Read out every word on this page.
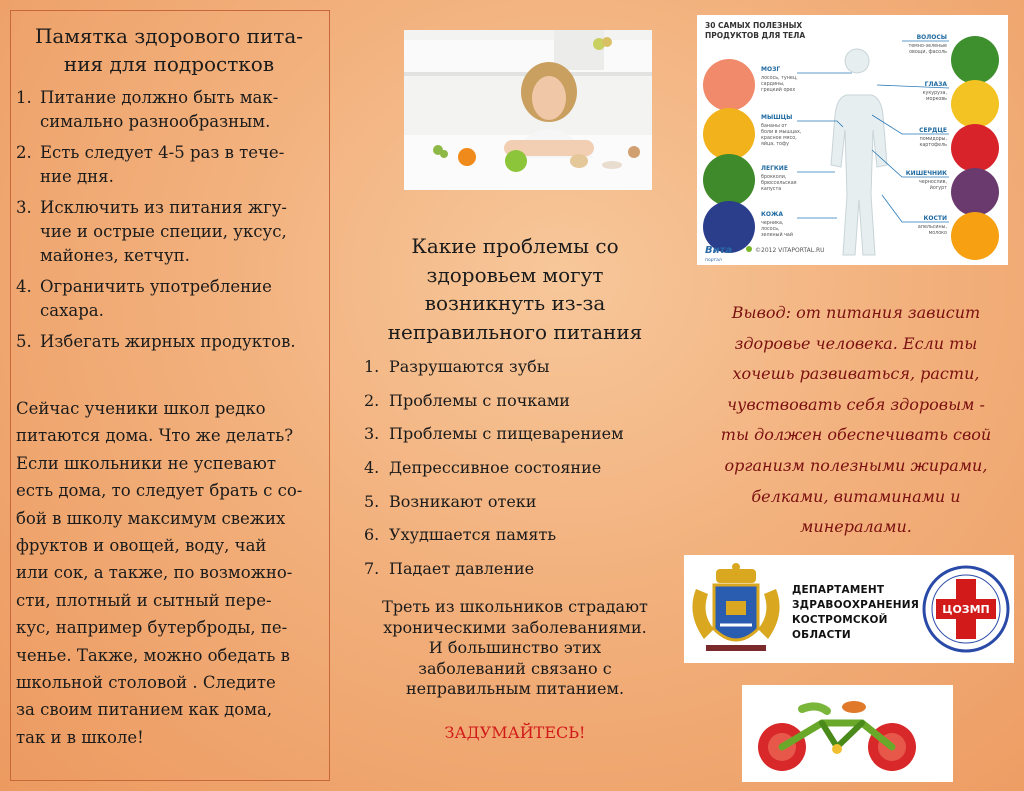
Памятка здорового пита-
ния для подростков
1. Питание должно быть мак-
симально разнообразным.
2. Есть следует 4-5 раз в тече-
ние дня.
3. Исключить из питания жгу-
чие и острые специи, уксус,
майонез, кетчуп.
4. Ограничить употребление
сахара.
5. Избегать жирных продуктов.
Сейчас ученики школ редко
питаются дома. Что же делать?
Если школьники не успевают
есть дома, то следует брать с со-
бой в школу максимум свежих
фруктов и овощей, воду, чай
или сок, а также, по возможно-
сти, плотный и сытный пере-
кус, например бутерброды, пе-
ченье. Также, можно обедать в
школьной столовой . Следите
за своим питанием как дома,
так и в школе!
Какие проблемы со
здоровьем могут
возникнуть из-за
неправильного питания
1. Разрушаются зубы
2. Проблемы с почками
3. Проблемы с пищеварением
4. Депрессивное состояние
5. Возникают отеки
6. Ухудшается память
7. Падает давление
Треть из школьников страдают
хроническими заболеваниями.
И большинство этих
заболеваний связано с
неправильным питанием.
ЗАДУМАЙТЕСЬ!
30 САМЫХ ПОЛЕЗНЫХ
ПРОДУКТОВ ДЛЯ ТЕЛА
МОЗГ
МЫШЦЫ
ЛЕГКИЕ
КОЖА
лосось, тунец,
сардины,
грецкий орех
бананы от
боли в мышцах,
красное мясо,
яйца, тофу
брокколи,
брюссельская
капуста
черника,
лосось,
зеленый чай
ВОЛОСЫ
ГЛАЗА
СЕРДЦЕ
КИШЕЧНИК
КОСТИ
темно-зеленые
овощи, фасоль
кукуруза,
морковь
помидоры,
картофель
чернослив,
йогурт
апельсины,
молоко
Вита
портал
©2012 VITAPORTAL.RU
Вывод: от питания зависит
здоровье человека. Если ты
хочешь развиваться, расти,
чувствовать себя здоровым -
ты должен обеспечивать свой
организм полезными жирами,
белками, витаминами и
минералами.
ДЕПАРТАМЕНТ
ЗДРАВООХРАНЕНИЯ
КОСТРОМСКОЙ ОБЛАСТИ
ЦОЗМП
